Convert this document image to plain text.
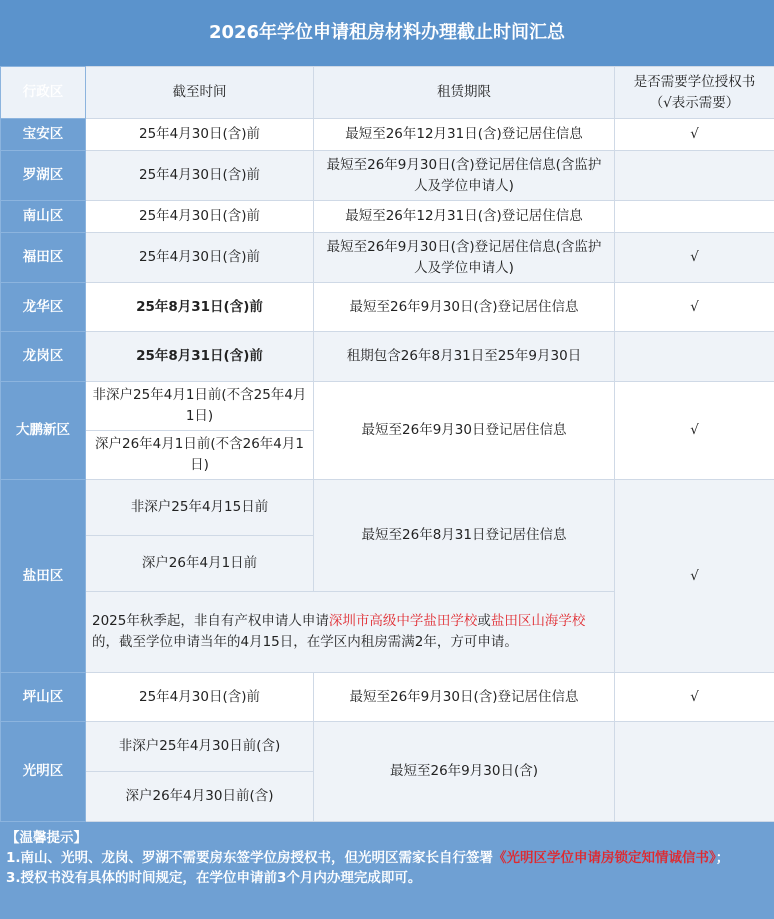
2026年学位申请租房材料办理截止时间汇总
行政区	截至时间	租赁期限	是否需要学位授权书
（√表示需要）
宝安区	25年4月30日(含)前	最短至26年12月31日(含)登记居住信息	√
罗湖区	25年4月30日(含)前	最短至26年9月30日(含)登记居住信息(含监护人及学位申请人)	
南山区	25年4月30日(含)前	最短至26年12月31日(含)登记居住信息	
福田区	25年4月30日(含)前	最短至26年9月30日(含)登记居住信息(含监护人及学位申请人)	√
龙华区	25年8月31日(含)前	最短至26年9月30日(含)登记居住信息	√
龙岗区	25年8月31日(含)前	租期包含26年8月31日至25年9月30日	
大鹏新区	非深户25年4月1日前(不含25年4月1日)	最短至26年9月30日登记居住信息	√
	深户26年4月1日前(不含26年4月1日)		
盐田区	非深户25年4月15日前	最短至26年8月31日登记居住信息	√
	深户26年4月1日前		
	2025年秋季起，非自有产权申请人申请深圳市高级中学盐田学校或盐田区山海学校的，截至学位申请当年的4月15日，在学区内租房需满2年，方可申请。		
坪山区	25年4月30日(含)前	最短至26年9月30日(含)登记居住信息	√
光明区	非深户25年4月30日前(含)	最短至26年9月30日(含)	
	深户26年4月30日前(含)		
【温馨提示】
1.南山、光明、龙岗、罗湖不需要房东签学位房授权书，但光明区需家长自行签署《光明区学位申请房锁定知情诚信书》；
3.授权书没有具体的时间规定，在学位申请前3个月内办理完成即可。
